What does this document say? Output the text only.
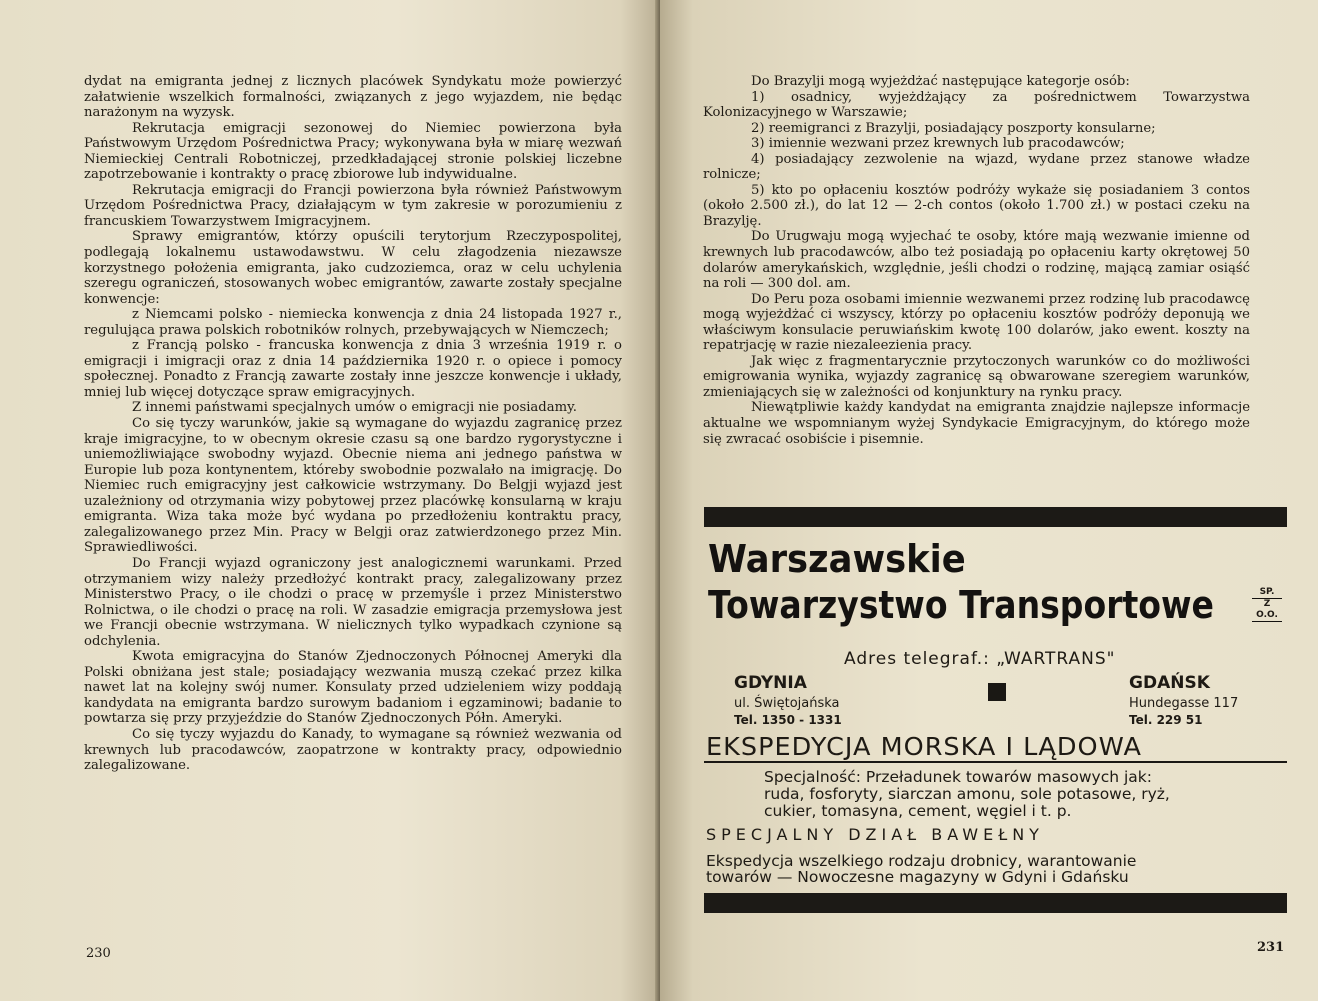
dydat na emigranta jednej z licznych placówek Syndykatu może powierzyć załatwienie wszelkich formalności, związanych z jego wyjazdem, nie będąc narażonym na wyzysk.

Rekrutacja emigracji sezonowej do Niemiec powierzona była Państwowym Urzędom Pośrednictwa Pracy; wykonywana była w miarę wezwań Niemieckiej Centrali Robotniczej, przedkładającej stronie polskiej liczebne zapotrzebowanie i kontrakty o pracę zbiorowe lub indywidualne.

Rekrutacja emigracji do Francji powierzona była również Państwowym Urzędom Pośrednictwa Pracy, działającym w tym zakresie w porozumieniu z francuskiem Towarzystwem Imigracyjnem.

Sprawy emigrantów, którzy opuścili terytorjum Rzeczypospolitej, podlegają lokalnemu ustawodawstwu. W celu złagodzenia niezawsze korzystnego położenia emigranta, jako cudzoziemca, oraz w celu uchylenia szeregu ograniczeń, stosowanych wobec emigrantów, zawarte zostały specjalne konwencje:

z Niemcami polsko - niemiecka konwencja z dnia 24 listopada 1927 r., regulująca prawa polskich robotników rolnych, przebywających w Niemczech;

z Francją polsko - francuska konwencja z dnia 3 września 1919 r. o emigracji i imigracji oraz z dnia 14 października 1920 r. o opiece i pomocy społecznej. Ponadto z Francją zawarte zostały inne jeszcze konwencje i układy, mniej lub więcej dotyczące spraw emigracyjnych.

Z innemi państwami specjalnych umów o emigracji nie posiadamy.

Co się tyczy warunków, jakie są wymagane do wyjazdu zagranicę przez kraje imigracyjne, to w obecnym okresie czasu są one bardzo rygorystyczne i uniemożliwiające swobodny wyjazd. Obecnie niema ani jednego państwa w Europie lub poza kontynentem, któreby swobodnie pozwalało na imigrację. Do Niemiec ruch emigracyjny jest całkowicie wstrzymany. Do Belgji wyjazd jest uzależniony od otrzymania wizy pobytowej przez placówkę konsularną w kraju emigranta. Wiza taka może być wydana po przedłożeniu kontraktu pracy, zalegalizowanego przez Min. Pracy w Belgji oraz zatwierdzonego przez Min. Sprawiedliwości.

Do Francji wyjazd ograniczony jest analogicznemi warunkami. Przed otrzymaniem wizy należy przedłożyć kontrakt pracy, zalegalizowany przez Ministerstwo Pracy, o ile chodzi o pracę w przemyśle i przez Ministerstwo Rolnictwa, o ile chodzi o pracę na roli. W zasadzie emigracja przemysłowa jest we Francji obecnie wstrzymana. W nielicznych tylko wypadkach czynione są odchylenia.

Kwota emigracyjna do Stanów Zjednoczonych Północnej Ameryki dla Polski obniżana jest stale; posiadający wezwania muszą czekać przez kilka nawet lat na kolejny swój numer. Konsulaty przed udzieleniem wizy poddają kandydata na emigranta bardzo surowym badaniom i egzaminowi; badanie to powtarza się przy przyjeździe do Stanów Zjednoczonych Półn. Ameryki.

Co się tyczy wyjazdu do Kanady, to wymagane są również wezwania od krewnych lub pracodawców, zaopatrzone w kontrakty pracy, odpowiednio zalegalizowane.

230

Do Brazylji mogą wyjeżdżać następujące kategorje osób:

1) osadnicy, wyjeżdżający za pośrednictwem Towarzystwa Kolonizacyjnego w Warszawie;

2) reemigranci z Brazylji, posiadający poszporty konsularne;

3) imiennie wezwani przez krewnych lub pracodawców;

4) posiadający zezwolenie na wjazd, wydane przez stanowe władze rolnicze;

5) kto po opłaceniu kosztów podróży wykaże się posiadaniem 3 contos (około 2.500 zł.), do lat 12 — 2-ch contos (około 1.700 zł.) w postaci czeku na Brazylję.

Do Urugwaju mogą wyjechać te osoby, które mają wezwanie imienne od krewnych lub pracodawców, albo też posiadają po opłaceniu karty okrętowej 50 dolarów amerykańskich, względnie, jeśli chodzi o rodzinę, mającą zamiar osiąść na roli — 300 dol. am.

Do Peru poza osobami imiennie wezwanemi przez rodzinę lub pracodawcę mogą wyjeżdżać ci wszyscy, którzy po opłaceniu kosztów podróży deponują we właściwym konsulacie peruwiańskim kwotę 100 dolarów, jako ewent. koszty na repatrjację w razie niezaleezienia pracy.

Jak więc z fragmentarycznie przytoczonych warunków co do możliwości emigrowania wynika, wyjazdy zagranicę są obwarowane szeregiem warunków, zmieniających się w zależności od konjunktury na rynku pracy.

Niewątpliwie każdy kandydat na emigranta znajdzie najlepsze informacje aktualne we wspomnianym wyżej Syndykacie Emigracyjnym, do którego może się zwracać osobiście i pisemnie.

Warszawskie
Towarzystwo Transportowe	SP.
Z O.O.
Adres telegraf.: „WARTRANS"
GDYNIA
ul. Świętojańska
Tel. 1350 - 1331
GDAŃSK
Hundegasse 117
Tel. 229 51
EKSPEDYCJA MORSKA I LĄDOWA
Specjalność: Przeładunek towarów masowych jak:
ruda, fosforyty, siarczan amonu, sole potasowe, ryż,
cukier, tomasyna, cement, węgiel i t. p.
SPECJALNY DZIAŁ BAWEŁNY
Ekspedycja wszelkiego rodzaju drobnicy, warantowanie
towarów — Nowoczesne magazyny w Gdyni i Gdańsku
231
